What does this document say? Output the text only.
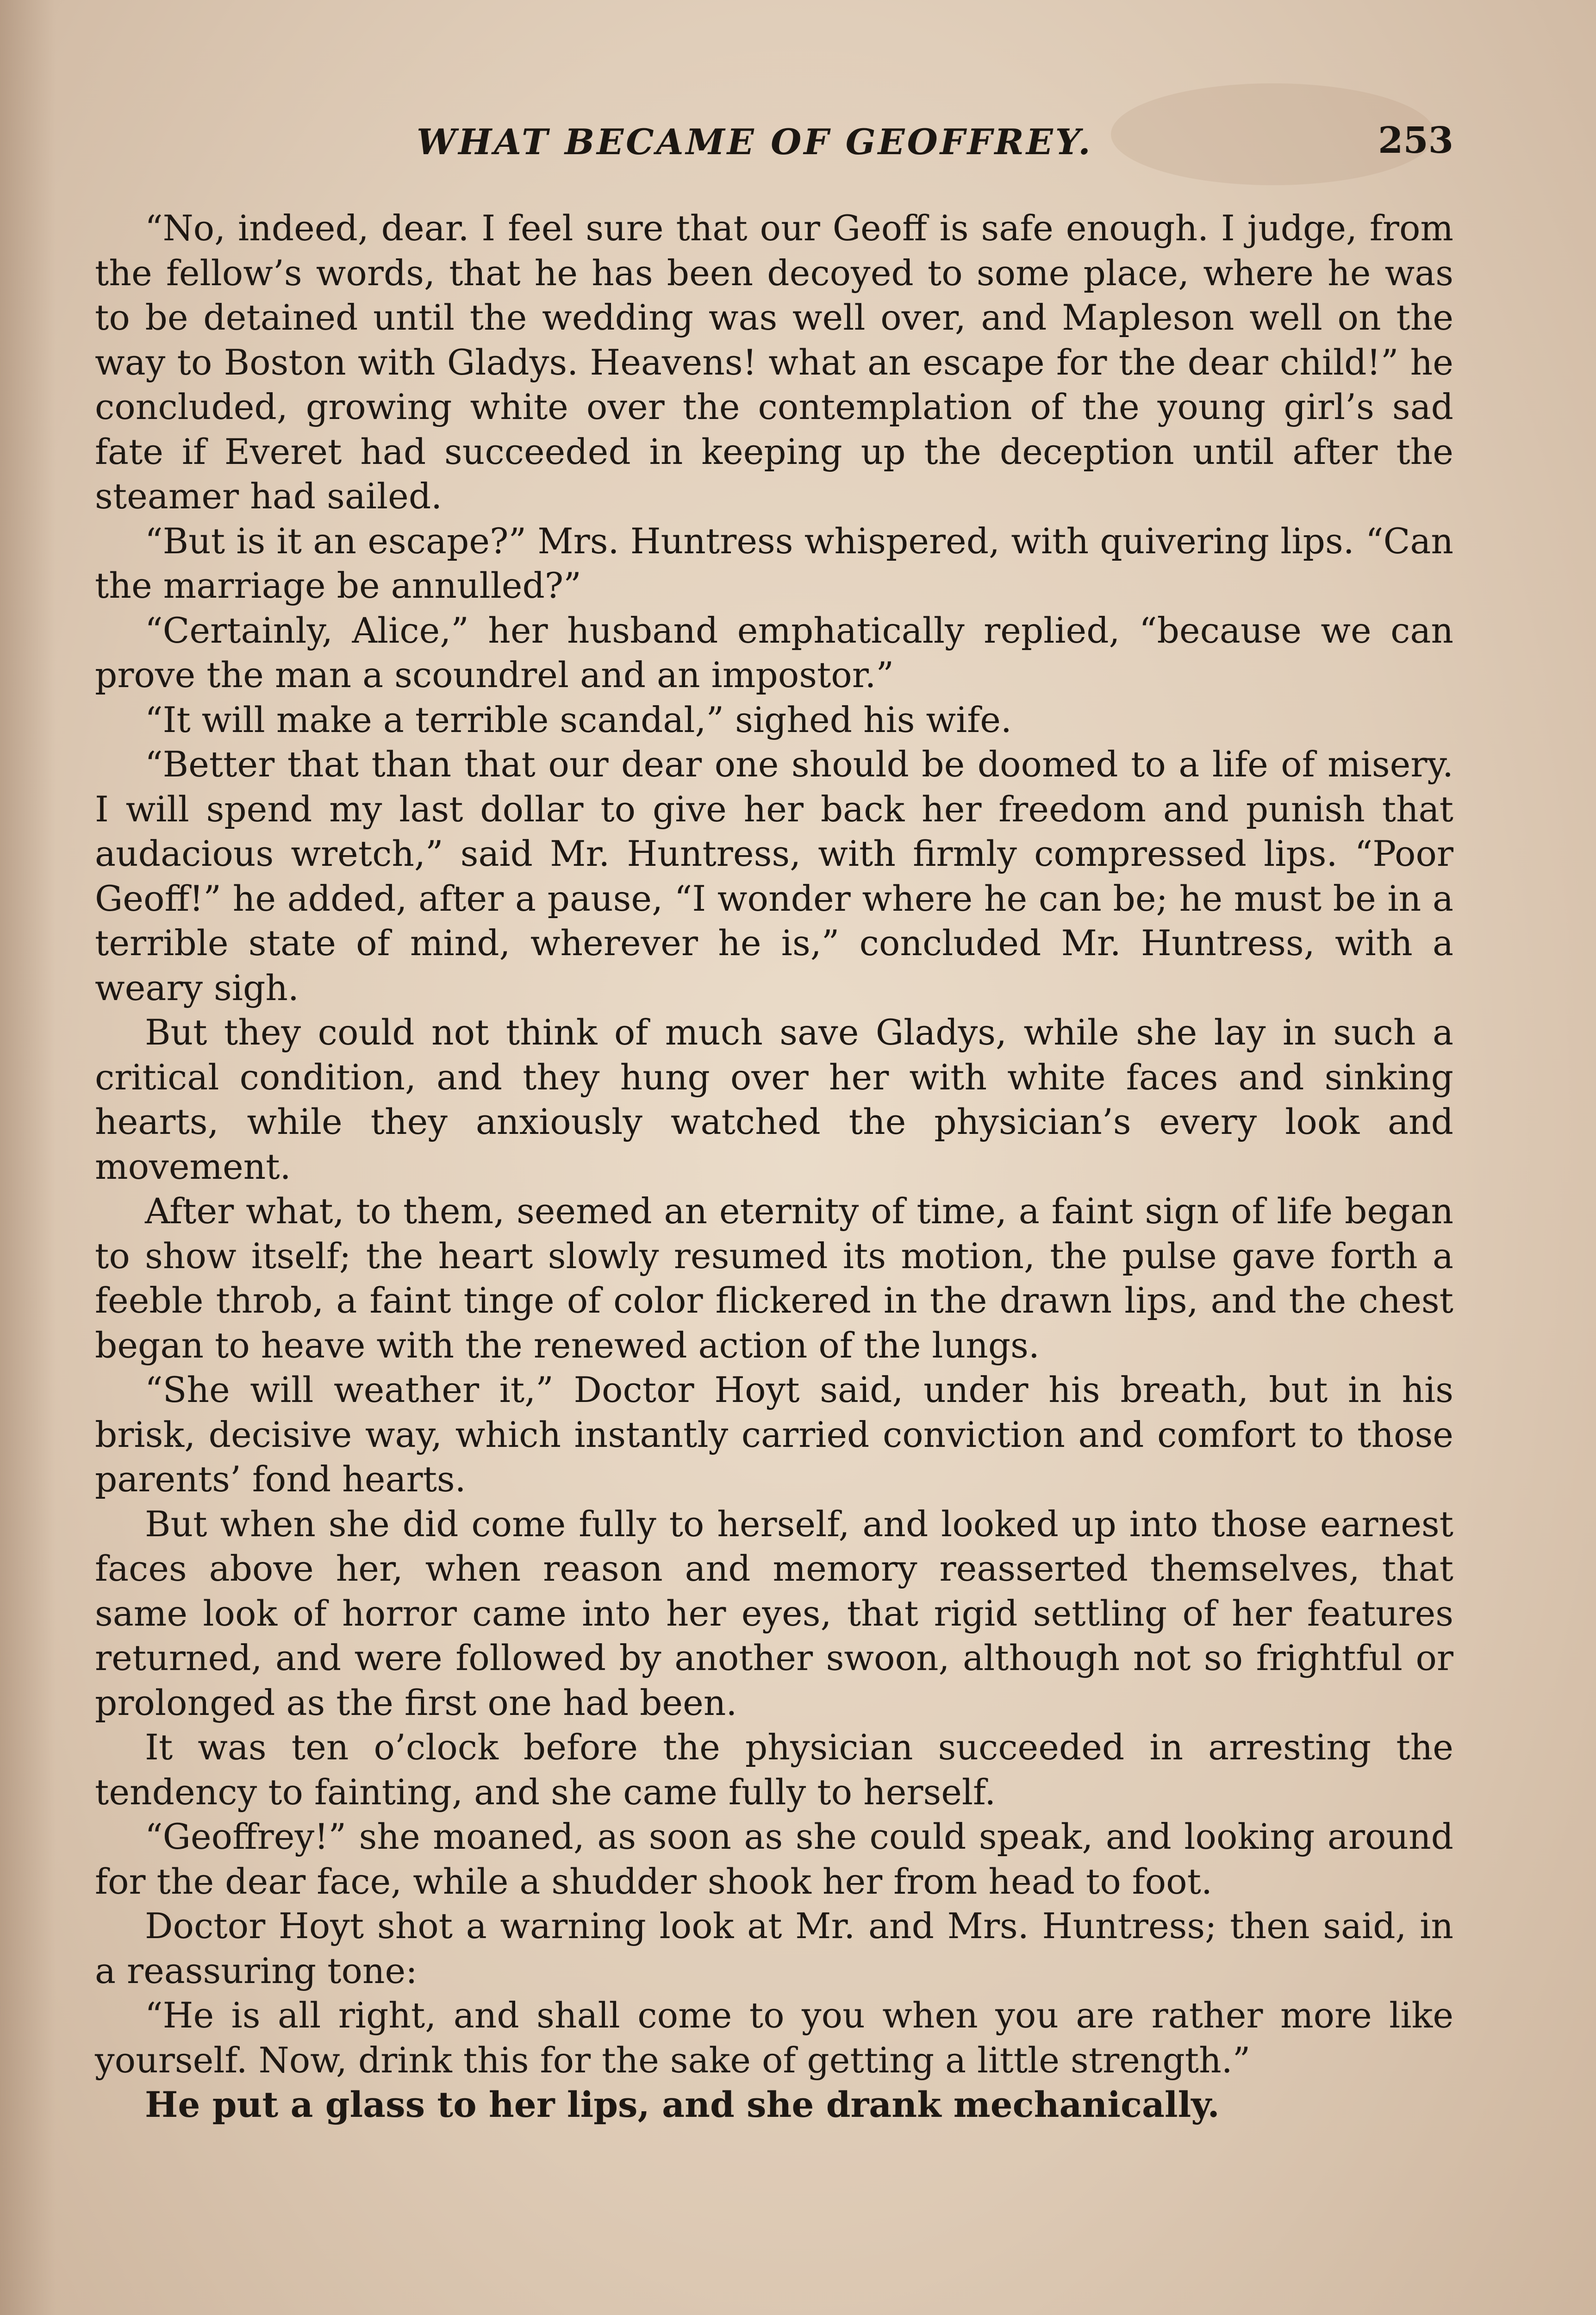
WHAT BECAME OF GEOFFREY.	253

“No, indeed, dear. I feel sure that our Geoff is safe enough. I judge, from the fellow’s words, that he has been decoyed to some place, where he was to be detained until the wedding was well over, and Mapleson well on the way to Boston with Gladys. Heavens! what an escape for the dear child!” he concluded, growing white over the contemplation of the young girl’s sad fate if Everet had succeeded in keeping up the deception until after the steamer had sailed.

“But is it an escape?” Mrs. Huntress whispered, with quivering lips. “Can the marriage be annulled?”

“Certainly, Alice,” her husband emphatically replied, “because we can prove the man a scoundrel and an impostor.”

“It will make a terrible scandal,” sighed his wife.

“Better that than that our dear one should be doomed to a life of misery. I will spend my last dollar to give her back her freedom and punish that audacious wretch,” said Mr. Huntress, with firmly compressed lips. “Poor Geoff!” he added, after a pause, “I wonder where he can be; he must be in a terrible state of mind, wherever he is,” concluded Mr. Huntress, with a weary sigh.

But they could not think of much save Gladys, while she lay in such a critical condition, and they hung over her with white faces and sinking hearts, while they anxiously watched the physician’s every look and movement.

After what, to them, seemed an eternity of time, a faint sign of life began to show itself; the heart slowly resumed its motion, the pulse gave forth a feeble throb, a faint tinge of color flickered in the drawn lips, and the chest began to heave with the renewed action of the lungs.

“She will weather it,” Doctor Hoyt said, under his breath, but in his brisk, decisive way, which instantly carried conviction and comfort to those parents’ fond hearts.

But when she did come fully to herself, and looked up into those earnest faces above her, when reason and memory reasserted themselves, that same look of horror came into her eyes, that rigid settling of her features returned, and were followed by another swoon, although not so frightful or prolonged as the first one had been.

It was ten o’clock before the physician succeeded in arresting the tendency to fainting, and she came fully to herself.

“Geoffrey!” she moaned, as soon as she could speak, and looking around for the dear face, while a shudder shook her from head to foot.

Doctor Hoyt shot a warning look at Mr. and Mrs. Huntress; then said, in a reassuring tone:

“He is all right, and shall come to you when you are rather more like yourself. Now, drink this for the sake of getting a little strength.”

He put a glass to her lips, and she drank mechanically.
